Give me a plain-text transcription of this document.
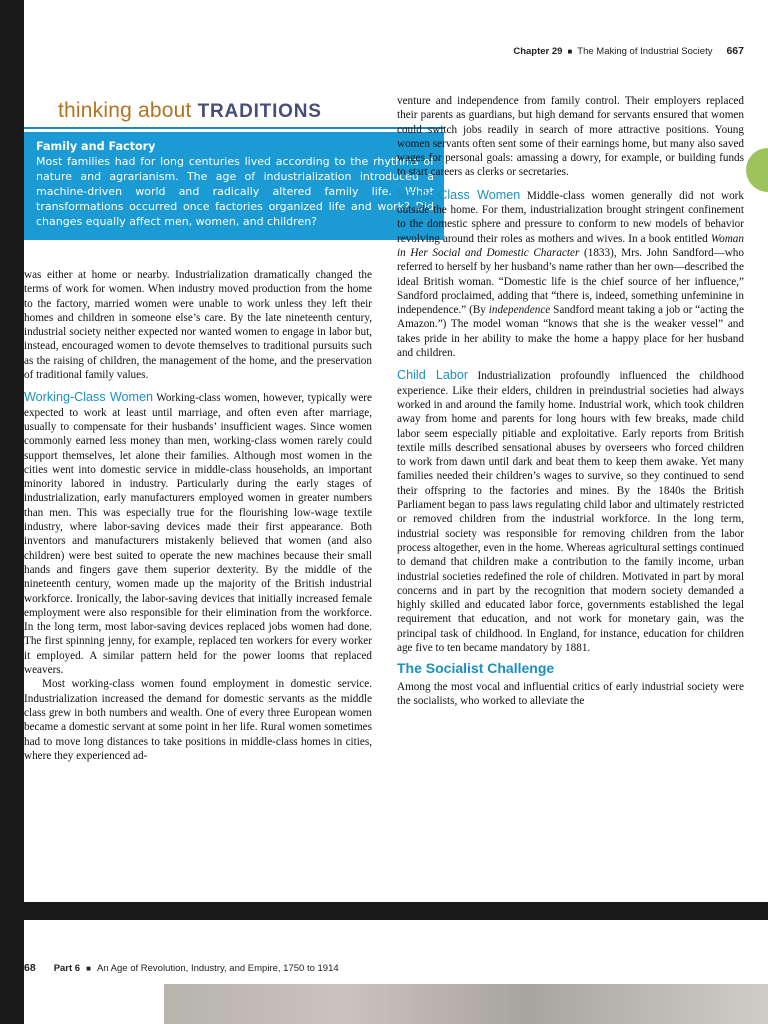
Chapter 29 ■ The Making of Industrial Society 667
thinking about TRADITIONS
Family and Factory
Most families had for long centuries lived according to the rhythms of nature and agrarianism. The age of industrialization introduced a machine-driven world and radically altered family life. What transformations occurred once factories organized life and work? Did changes equally affect men, women, and children?

was either at home or nearby. Industrialization dramatically changed the terms of work for women. When industry moved production from the home to the factory, married women were unable to work unless they left their homes and children in someone else’s care. By the late nineteenth century, industrial society neither expected nor wanted women to engage in labor but, instead, encouraged women to devote themselves to traditional pursuits such as the raising of children, the management of the home, and the preservation of traditional family values.

Working-Class Women Working-class women, however, typically were expected to work at least until marriage, and often even after marriage, usually to compensate for their husbands’ insufficient wages. Since women commonly earned less money than men, working-class women rarely could support themselves, let alone their families. Although most women in the cities went into domestic service in middle-class households, an important minority labored in industry. Particularly during the early stages of industrialization, early manufacturers employed women in greater numbers than men. This was especially true for the flourishing low-wage textile industry, where labor-saving devices made their first appearance. Both inventors and manufacturers mistakenly believed that women (and also children) were best suited to operate the new machines because their small hands and fingers gave them superior dexterity. By the middle of the nineteenth century, women made up the majority of the British industrial workforce. Ironically, the labor-saving devices that initially increased female employment were also responsible for their elimination from the workforce. In the long term, most labor-saving devices replaced jobs women had done. The first spinning jenny, for example, replaced ten workers for every worker it employed. A similar pattern held for the power looms that replaced weavers.

Most working-class women found employment in domestic service. Industrialization increased the demand for domestic servants as the middle class grew in both numbers and wealth. One of every three European women became a domestic servant at some point in her life. Rural women sometimes had to move long distances to take positions in middle-class homes in cities, where they experienced ad-

venture and independence from family control. Their employers replaced their parents as guardians, but high demand for servants ensured that women could switch jobs readily in search of more attractive positions. Young women servants often sent some of their earnings home, but many also saved wages for personal goals: amassing a dowry, for example, or building funds to start careers as clerks or secretaries.

Middle-Class Women Middle-class women generally did not work outside the home. For them, industrialization brought stringent confinement to the domestic sphere and pressure to conform to new models of behavior revolving around their roles as mothers and wives. In a book entitled Woman in Her Social and Domestic Character (1833), Mrs. John Sandford—who referred to herself by her husband’s name rather than her own—described the ideal British woman. “Domestic life is the chief source of her influence,” Sandford proclaimed, adding that “there is, indeed, something unfeminine in independence.” (By independence Sandford meant taking a job or “acting the Amazon.”) The model woman “knows that she is the weaker vessel” and takes pride in her ability to make the home a happy place for her husband and children.

Child Labor Industrialization profoundly influenced the childhood experience. Like their elders, children in preindustrial societies had always worked in and around the family home. Industrial work, which took children away from home and parents for long hours with few breaks, made child labor seem especially pitiable and exploitative. Early reports from British textile mills described sensational abuses by overseers who forced children to work from dawn until dark and beat them to keep them awake. Yet many families needed their children’s wages to survive, so they continued to send their offspring to the factories and mines. By the 1840s the British Parliament began to pass laws regulating child labor and ultimately restricted or removed children from the industrial workforce. In the long term, industrial society was responsible for removing children from the labor process altogether, even in the home. Whereas agricultural settings continued to demand that children make a contribution to the family income, urban industrial societies redefined the role of children. Motivated in part by moral concerns and in part by the recognition that modern society demanded a highly skilled and educated labor force, governments established the legal requirement that education, and not work for monetary gain, was the principal task of childhood. In England, for instance, education for children age five to ten became mandatory by 1881.

The Socialist Challenge

Among the most vocal and influential critics of early industrial society were the socialists, who worked to alleviate the

68 Part 6 ■ An Age of Revolution, Industry, and Empire, 1750 to 1914
